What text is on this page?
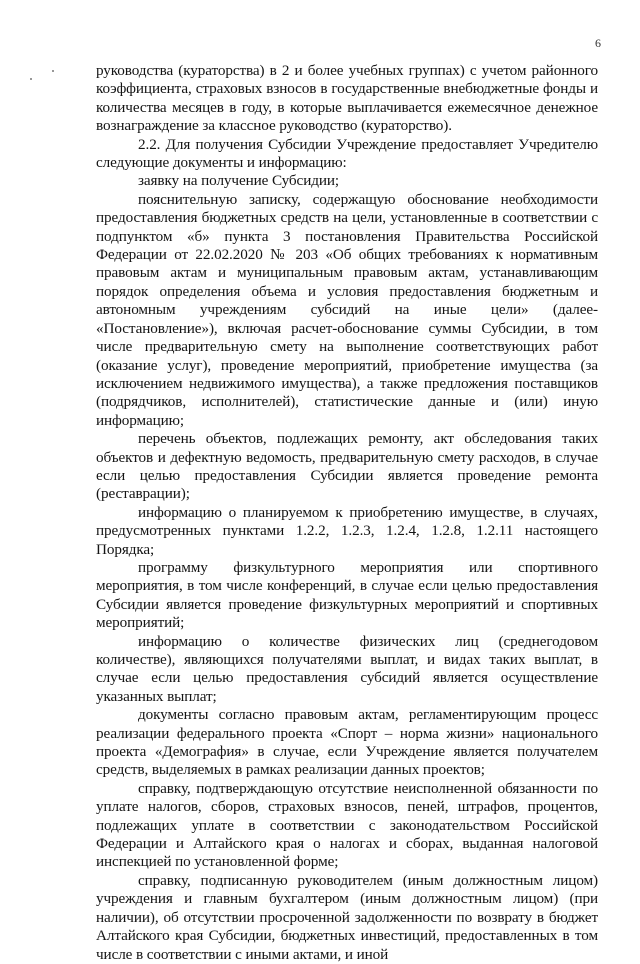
6

руководства (кураторства) в 2 и более учебных группах) с учетом районного коэффициента, страховых взносов в государственные внебюджетные фонды и количества месяцев в году, в которые выплачивается ежемесячное денежное вознаграждение за классное руководство (кураторство).

2.2. Для получения Субсидии Учреждение предоставляет Учредителю следующие документы и информацию:

заявку на получение Субсидии;

пояснительную записку, содержащую обоснование необходимости предоставления бюджетных средств на цели, установленные в соответствии с подпунктом «б» пункта 3 постановления Правительства Российской Федерации от 22.02.2020 № 203 «Об общих требованиях к нормативным правовым актам и муниципальным правовым актам, устанавливающим порядок определения объема и условия предоставления бюджетным и автономным учреждениям субсидий на иные цели» (далее- «Постановление»), включая расчет-обоснование суммы Субсидии, в том числе предварительную смету на выполнение соответствующих работ (оказание услуг), проведение мероприятий, приобретение имущества (за исключением недвижимого имущества), а также предложения поставщиков (подрядчиков, исполнителей), статистические данные и (или) иную информацию;

перечень объектов, подлежащих ремонту, акт обследования таких объектов и дефектную ведомость, предварительную смету расходов, в случае если целью предоставления Субсидии является проведение ремонта (реставрации);

информацию о планируемом к приобретению имуществе, в случаях, предусмотренных пунктами 1.2.2, 1.2.3, 1.2.4, 1.2.8, 1.2.11 настоящего Порядка;

программу физкультурного мероприятия или спортивного мероприятия, в том числе конференций, в случае если целью предоставления Субсидии является проведение физкультурных мероприятий и спортивных мероприятий;

информацию о количестве физических лиц (среднегодовом количестве), являющихся получателями выплат, и видах таких выплат, в случае если целью предоставления субсидий является осуществление указанных выплат;

документы согласно правовым актам, регламентирующим процесс реализации федерального проекта «Спорт – норма жизни» национального проекта «Демография» в случае, если Учреждение является получателем средств, выделяемых в рамках реализации данных проектов;

справку, подтверждающую отсутствие неисполненной обязанности по уплате налогов, сборов, страховых взносов, пеней, штрафов, процентов, подлежащих уплате в соответствии с законодательством Российской Федерации и Алтайского края о налогах и сборах, выданная налоговой инспекцией по установленной форме;

справку, подписанную руководителем (иным должностным лицом) учреждения и главным бухгалтером (иным должностным лицом) (при наличии), об отсутствии просроченной задолженности по возврату в бюджет Алтайского края Субсидии, бюджетных инвестиций, предоставленных в том числе в соответствии с иными актами, и иной
